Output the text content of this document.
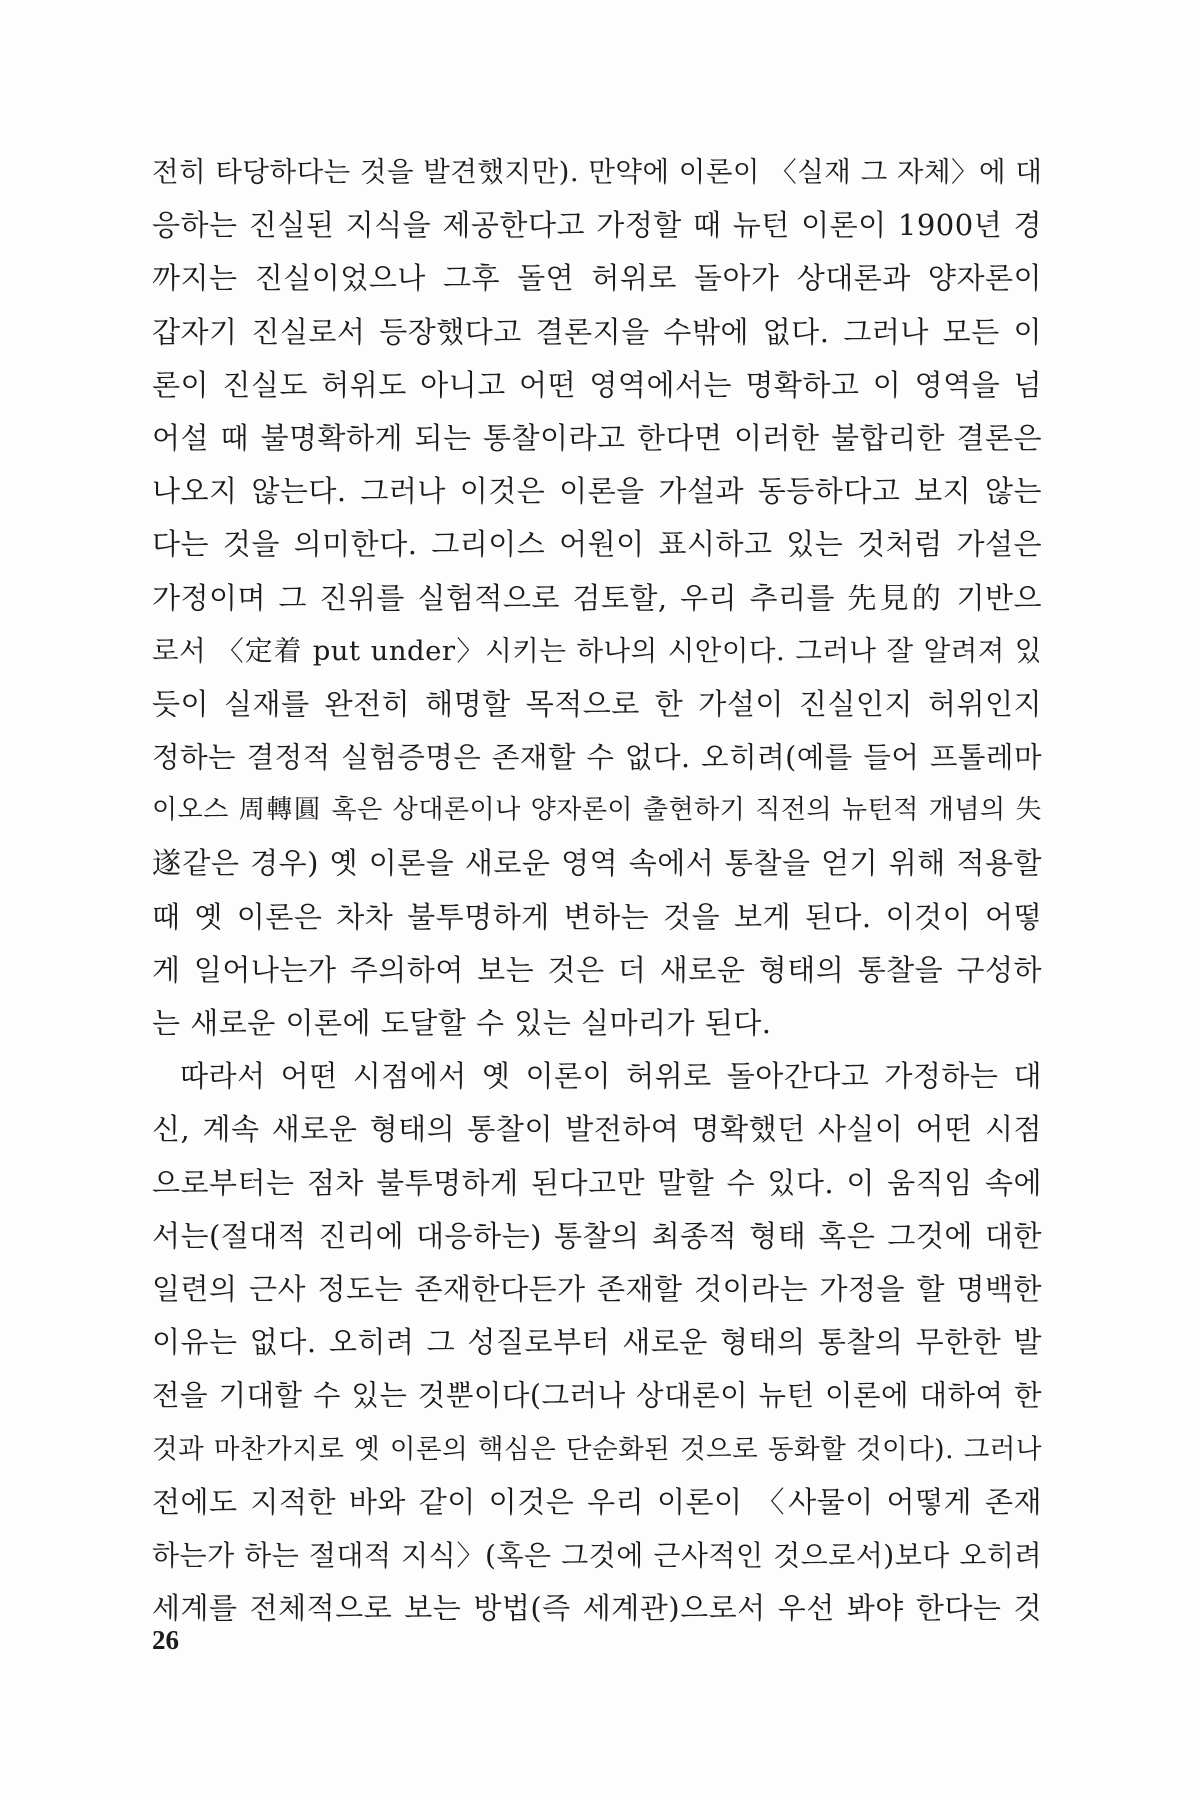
전히 타당하다는 것을 발견했지만). 만약에 이론이 〈실재 그 자체〉에 대
응하는 진실된 지식을 제공한다고 가정할 때 뉴턴 이론이 1900년 경
까지는 진실이었으나 그후 돌연 허위로 돌아가 상대론과 양자론이
갑자기 진실로서 등장했다고 결론지을 수밖에 없다. 그러나 모든 이
론이 진실도 허위도 아니고 어떤 영역에서는 명확하고 이 영역을 넘
어설 때 불명확하게 되는 통찰이라고 한다면 이러한 불합리한 결론은
나오지 않는다. 그러나 이것은 이론을 가설과 동등하다고 보지 않는
다는 것을 의미한다. 그리이스 어원이 표시하고 있는 것처럼 가설은
가정이며 그 진위를 실험적으로 검토할, 우리 추리를 先見的 기반으
로서 〈定着 put under〉시키는 하나의 시안이다. 그러나 잘 알려져 있
듯이 실재를 완전히 해명할 목적으로 한 가설이 진실인지 허위인지
정하는 결정적 실험증명은 존재할 수 없다. 오히려(예를 들어 프톨레마
이오스 周轉圓 혹은 상대론이나 양자론이 출현하기 직전의 뉴턴적 개념의 失
遂같은 경우) 옛 이론을 새로운 영역 속에서 통찰을 얻기 위해 적용할
때 옛 이론은 차차 불투명하게 변하는 것을 보게 된다. 이것이 어떻
게 일어나는가 주의하여 보는 것은 더 새로운 형태의 통찰을 구성하
는 새로운 이론에 도달할 수 있는 실마리가 된다.
따라서 어떤 시점에서 옛 이론이 허위로 돌아간다고 가정하는 대
신, 계속 새로운 형태의 통찰이 발전하여 명확했던 사실이 어떤 시점
으로부터는 점차 불투명하게 된다고만 말할 수 있다. 이 움직임 속에
서는(절대적 진리에 대응하는) 통찰의 최종적 형태 혹은 그것에 대한
일련의 근사 정도는 존재한다든가 존재할 것이라는 가정을 할 명백한
이유는 없다. 오히려 그 성질로부터 새로운 형태의 통찰의 무한한 발
전을 기대할 수 있는 것뿐이다(그러나 상대론이 뉴턴 이론에 대하여 한
것과 마찬가지로 옛 이론의 핵심은 단순화된 것으로 동화할 것이다). 그러나
전에도 지적한 바와 같이 이것은 우리 이론이 〈사물이 어떻게 존재
하는가 하는 절대적 지식〉(혹은 그것에 근사적인 것으로서)보다 오히려
세계를 전체적으로 보는 방법(즉 세계관)으로서 우선 봐야 한다는 것
26
